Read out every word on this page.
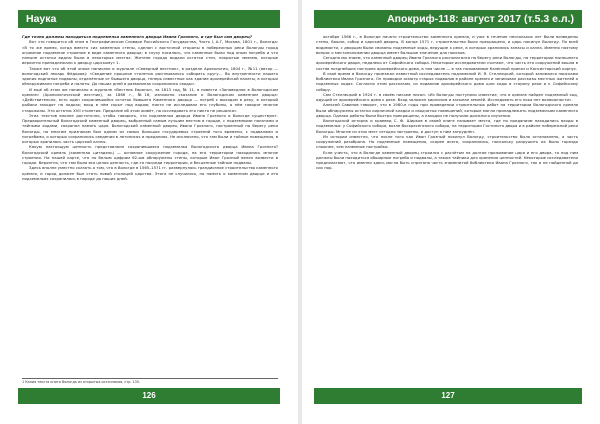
Наука

Где точно должны находиться подземелья каменного дворца Ивана Грозного, и где был сам дворец?

Вот что говорится об этом в Географическом Словаре Российского Государства, Часть I, А-Г, Москва, 1801 г., Вологда: «В то же время, когда вместо сих каменных стены, сделан с восточной стороны в побережных реки Вологды город огромное подземное строение в виде каменного дворца; в слуху носилось, что каменные были под оным погреба и что поныне остатки видны были в некоторых местах. Жители города видали остатки стен, покрытые землею, которые вероятно принадлежали к дворцу царскому» 1.

Также вот что об этой эпохе написано в журнале «Северный вестник», в разделе Археология, 1804 г., №11 (автор — вологодский лекарь Фёдоров): «Сведение прошлое столетия расплывалось собирать кругу… Во внутренности нашего здания поднятые подвалы, отделённые от бывшего дворца, теперь известные как здание архиерейской палаты, в которых обнаруживали погреба и палаты. До наших дней в развалинах сохранились своды».

И ещё об этом же написано в журнале «Вестник Европы», за 1813 год, № 11, в повести «Заповедное в Вологодском кремле» (Археологический вестник), за 1866 г., №16, изложено сказание о Вологодском каменном дворце: «Действительно, есть один сохранившийся остаток бывшего Каменного дворца — погреб с выходом в реку, в который рыбаки заходят на лодках; вход в нём скрыт под водою; никто не исследовал его глубины, о нём говорят многие старожилы. Это остаток XVII столетия. Предание об этом живёт, но исследовать его никто не решался».

Этих текстов вполне достаточно, чтобы говорить, что подземелья дворца Ивана Грозного в Вологде существуют. Предварительный Вологодский каменный дворец, выбранный самым лучшим местом в городе, с подземными палатами и тайными ходами, сохранял память царя. Вологодский каменный дворец Ивана Грозного, построенный на берегу реки Вологды, по многим признакам был одним из самых больших государевых строений того времени, с подвалами и погребами, о которых сохранились сведения в летописях и преданиях. Не исключено, что там были и тайные помещения, в которых хранилась часть царской казны.

Какую настоящую ценность представляли сохранившиеся подземелья Вологодского дворца Ивана Грозного? Вологодский кремль (каменная цитадель) — основное сооружение города, на его территории находились многие строения. На нашей карте, что по белым цифрам 62-ым обнаружены стены, которые Иван Грозный велел возвести в городе. Вероятно, что там была вся целая ценность, где-то посреди территории, и бесценные тайные подвалы.

Здесь вполне уместно сказать о том, что в Вологде в 1565–1571 гг. развернулось грандиозное строительство каменного кремля, и город должен был стать новой столицей царства. Этого не случилось, но память о каменном дворце и его подземельях сохранилась в народе до наших дней.

1 Копия текста книги Вологда из открытых источников, стр. 135.
126
Апокриф-118: август 2017 (т.5.3 е.л.)

октябре 1566 г., в Вологде начато строительство каменного кремля, и уже в течение нескольких лет были возведены стены, башни, собор и царский дворец. В конце 1571 г. строительство было прекращено, и царь покинул Вологду. По всей видимости, с дворцом были связаны подземные ходы, ведущие к реке, в которых хранились запасы и казна. Именно поэтому вопрос о местоположении дворца имеет большое значение для поисков.

Сегодня мы знаем, что каменный дворец Ивана Грозного располагался на берегу реки Вологды, на территории нынешнего архиерейского двора, недалеко от Софийского собора. Некоторые исследователи считают, что часть его сооружений вошла в состав позднейших построек архиерейского дома, в том числе — в так называемые Казённый приказ и Консисторский корпус.

В своё время в Вологду приезжал известный исследователь подземелий И. Я. Стеллецкий, который занимался поисками библиотеки Ивана Грозного. Он проводил осмотр старых подвалов в районе кремля и записывал рассказы местных жителей о подземных ходах. Согласно этим рассказам, из подвалов архиерейского дома шли ходы в сторону реки и к Софийскому собору.

Сам Стеллецкий в 1924 г. в своём письме писал: «Из Вологды поступило известие, что в кремле найден подземный ход, идущий от архиерейского дома к реке. Вход заложен кирпичом и засыпан землёй. Исследовать его пока нет возможности».

Алексей Савинов говорит, что в 1980-е годы при проведении строительных работ на территории Вологодского кремля были обнаружены остатки кирпичной кладки и сводчатых помещений, которые могли принадлежать подземельям каменного дворца. Однако работы были быстро прекращены, а находки не получили должного изучения.

Вологодский историк и краевед С. Ф. Ширков в своей книге называет места, где по преданиям находились входы в подземелья: у Софийского собора, возле Воскресенского собора, на территории Гостиного двора и в районе набережной реки Вологды. Многие из этих мест сегодня застроены, и доступ к ним затруднён.

Из истории известно, что после того как Иван Грозный покинул Вологду, строительство было остановлено, а часть сооружений разобрана. Но подземные помещения, скорее всего, сохранились, поскольку разрушить их было гораздо сложнее, чем наземные постройки.

Если учесть, что в Вологде каменный дворец строился с расчётом на долгое проживание царя и его двора, то под ним должны были находиться обширные погреба и подвалы, а также тайники для хранения ценностей. Некоторые исследователи предполагают, что именно здесь могла быть спрятана часть знаменитой библиотеки Ивана Грозного, так и не найденной до сих пор.

127
